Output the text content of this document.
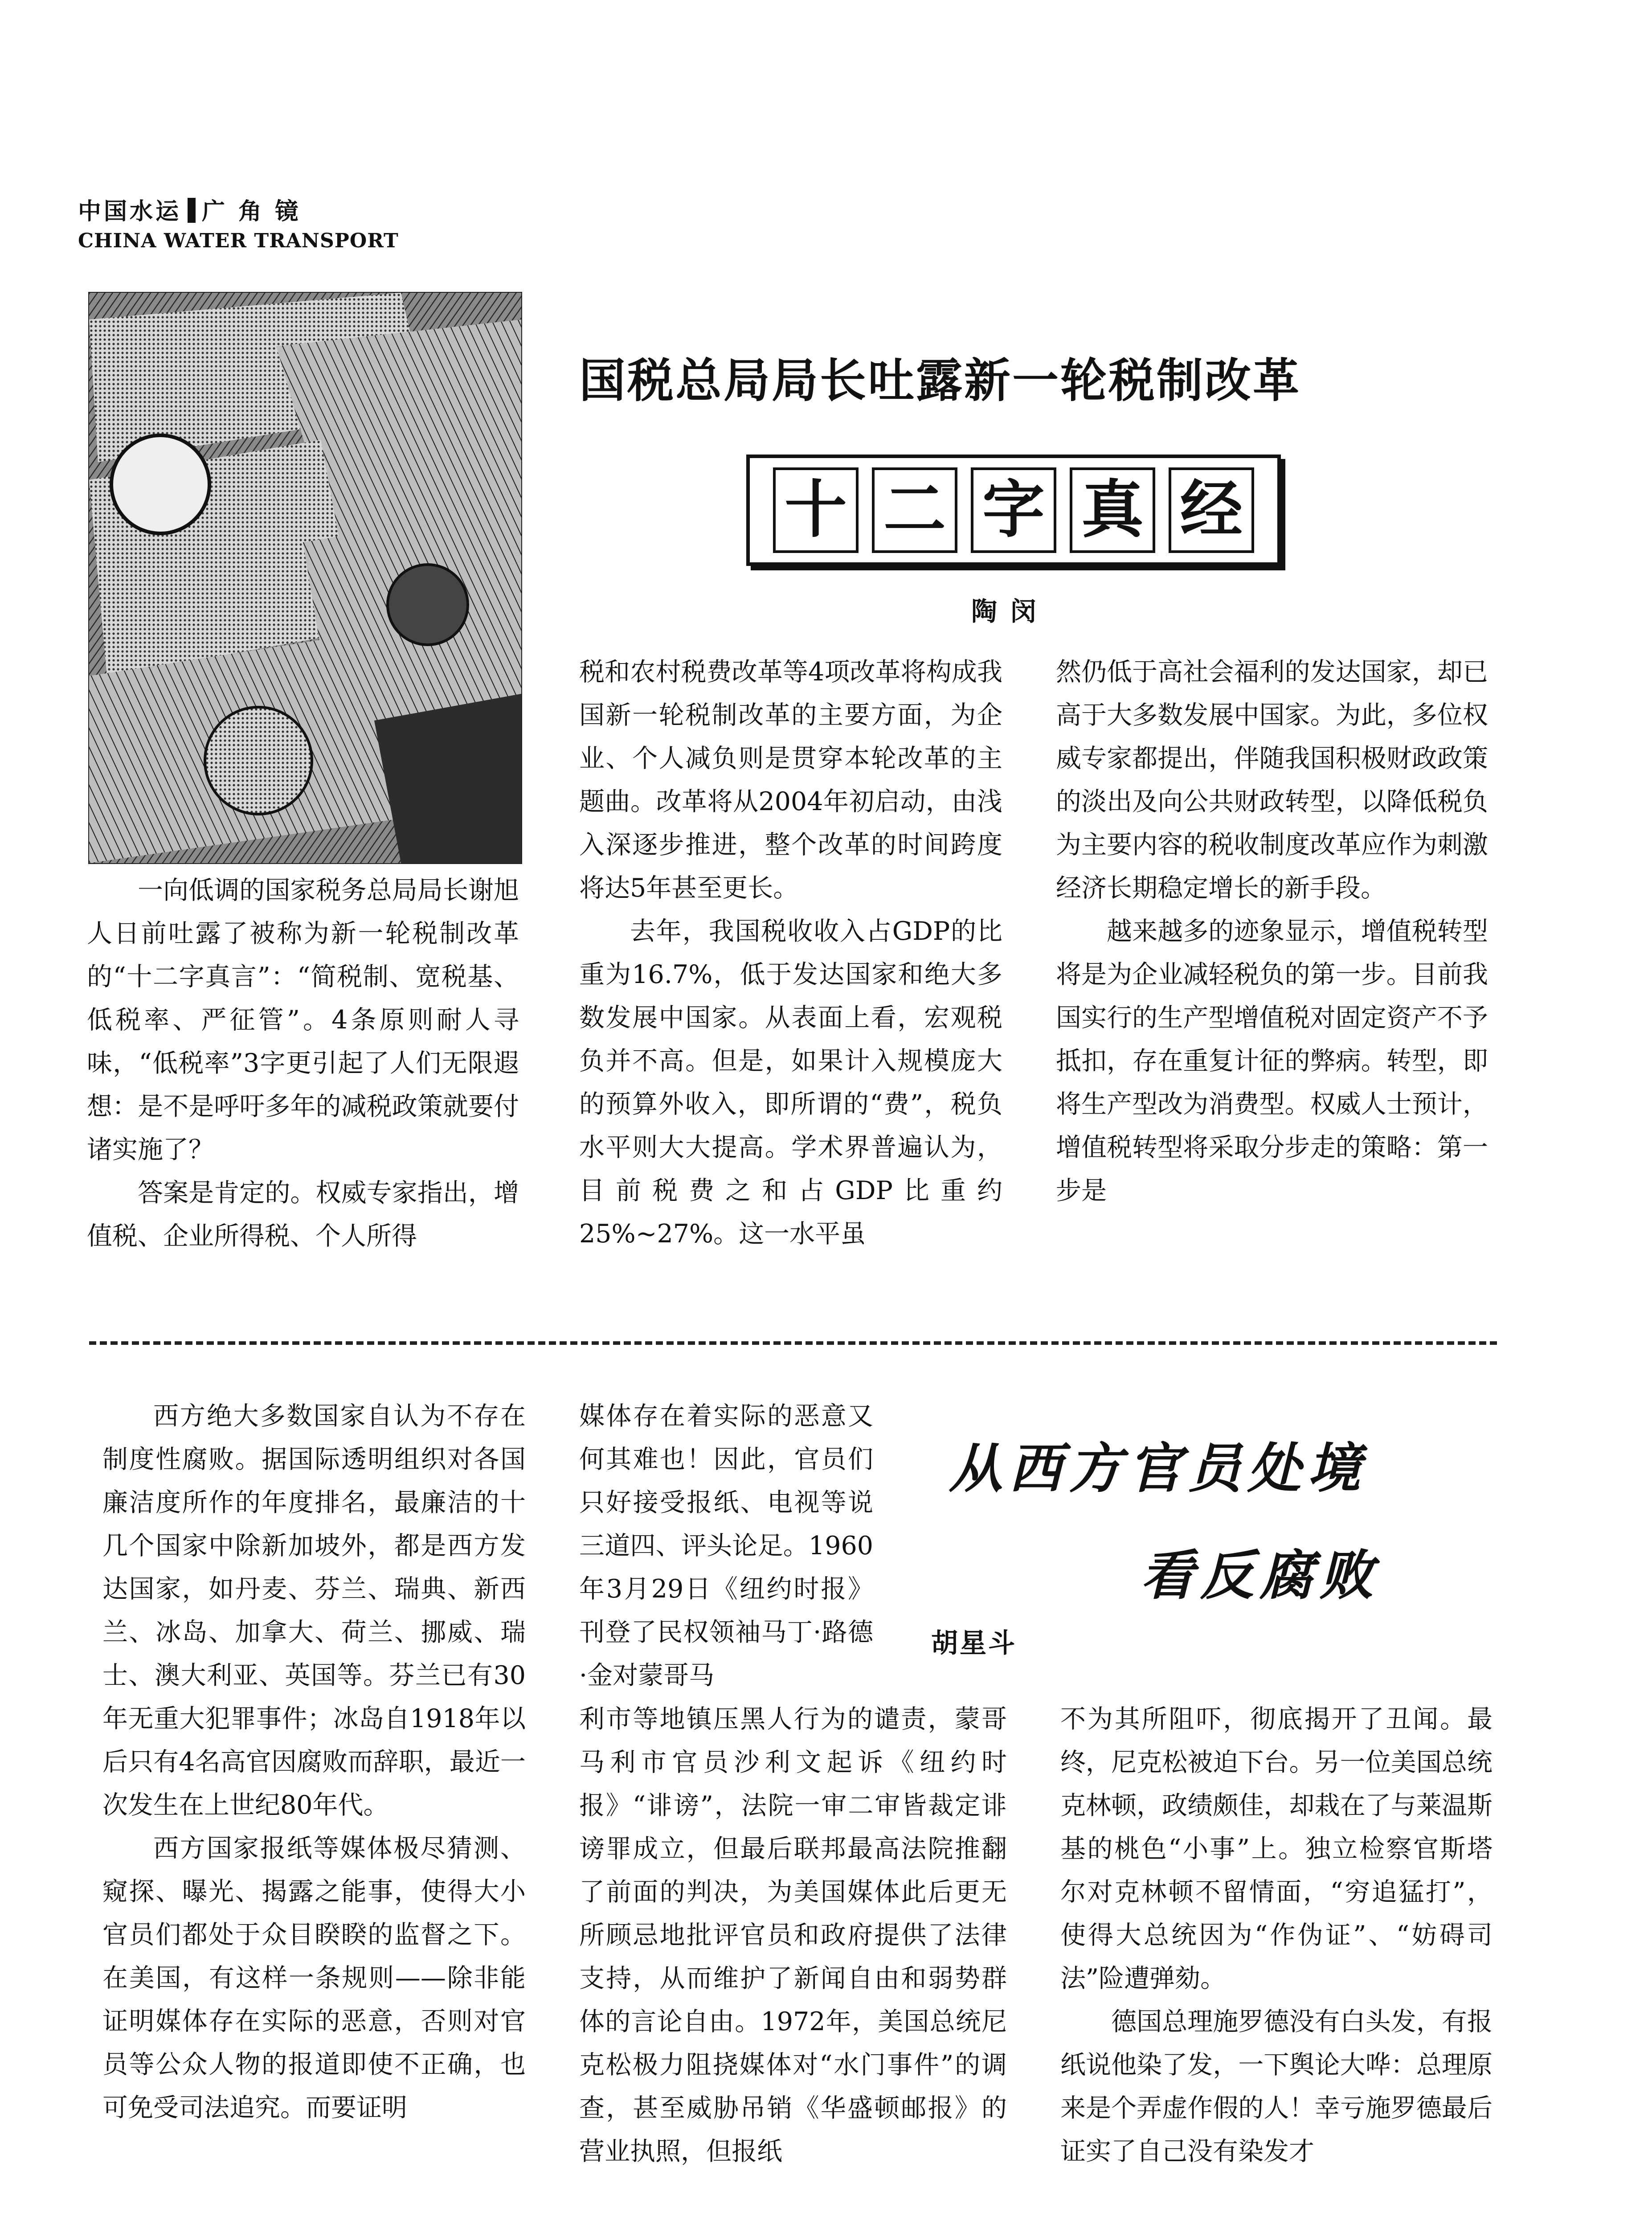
中国水运 广 角 镜
CHINA WATER TRANSPORT
国税总局局长吐露新一轮税制改革
十 二 字 真 经
陶闵

一向低调的国家税务总局局长谢旭人日前吐露了被称为新一轮税制改革的“十二字真言”：“简税制、宽税基、低税率、严征管”。4条原则耐人寻味，“低税率”3字更引起了人们无限遐想：是不是呼吁多年的减税政策就要付诸实施了？

答案是肯定的。权威专家指出，增值税、企业所得税、个人所得

税和农村税费改革等4项改革将构成我国新一轮税制改革的主要方面，为企业、个人减负则是贯穿本轮改革的主题曲。改革将从2004年初启动，由浅入深逐步推进，整个改革的时间跨度将达5年甚至更长。

去年，我国税收收入占GDP的比重为16.7%，低于发达国家和绝大多数发展中国家。从表面上看，宏观税负并不高。但是，如果计入规模庞大的预算外收入，即所谓的“费”，税负水平则大大提高。学术界普遍认为，目前税费之和占GDP比重约25%~27%。这一水平虽

然仍低于高社会福利的发达国家，却已高于大多数发展中国家。为此，多位权威专家都提出，伴随我国积极财政政策的淡出及向公共财政转型，以降低税负为主要内容的税收制度改革应作为刺激经济长期稳定增长的新手段。

越来越多的迹象显示，增值税转型将是为企业减轻税负的第一步。目前我国实行的生产型增值税对固定资产不予抵扣，存在重复计征的弊病。转型，即将生产型改为消费型。权威人士预计，增值税转型将采取分步走的策略：第一步是

从西方官员处境
看反腐败
胡星斗

西方绝大多数国家自认为不存在制度性腐败。据国际透明组织对各国廉洁度所作的年度排名，最廉洁的十几个国家中除新加坡外，都是西方发达国家，如丹麦、芬兰、瑞典、新西兰、冰岛、加拿大、荷兰、挪威、瑞士、澳大利亚、英国等。芬兰已有30年无重大犯罪事件；冰岛自1918年以后只有4名高官因腐败而辞职，最近一次发生在上世纪80年代。

西方国家报纸等媒体极尽猜测、窥探、曝光、揭露之能事，使得大小官员们都处于众目睽睽的监督之下。在美国，有这样一条规则——除非能证明媒体存在实际的恶意，否则对官员等公众人物的报道即使不正确，也可免受司法追究。而要证明

媒体存在着实际的恶意又何其难也！因此，官员们只好接受报纸、电视等说三道四、评头论足。1960年3月29日《纽约时报》刊登了民权领袖马丁·路德·金对蒙哥马

利市等地镇压黑人行为的谴责，蒙哥马利市官员沙利文起诉《纽约时报》“诽谤”，法院一审二审皆裁定诽谤罪成立，但最后联邦最高法院推翻了前面的判决，为美国媒体此后更无所顾忌地批评官员和政府提供了法律支持，从而维护了新闻自由和弱势群体的言论自由。1972年，美国总统尼克松极力阻挠媒体对“水门事件”的调查，甚至威胁吊销《华盛顿邮报》的营业执照，但报纸

不为其所阻吓，彻底揭开了丑闻。最终，尼克松被迫下台。另一位美国总统克林顿，政绩颇佳，却栽在了与莱温斯基的桃色“小事”上。独立检察官斯塔尔对克林顿不留情面，“穷追猛打”，使得大总统因为“作伪证”、“妨碍司法”险遭弹劾。

德国总理施罗德没有白头发，有报纸说他染了发，一下舆论大哗：总理原来是个弄虚作假的人！幸亏施罗德最后证实了自己没有染发才
